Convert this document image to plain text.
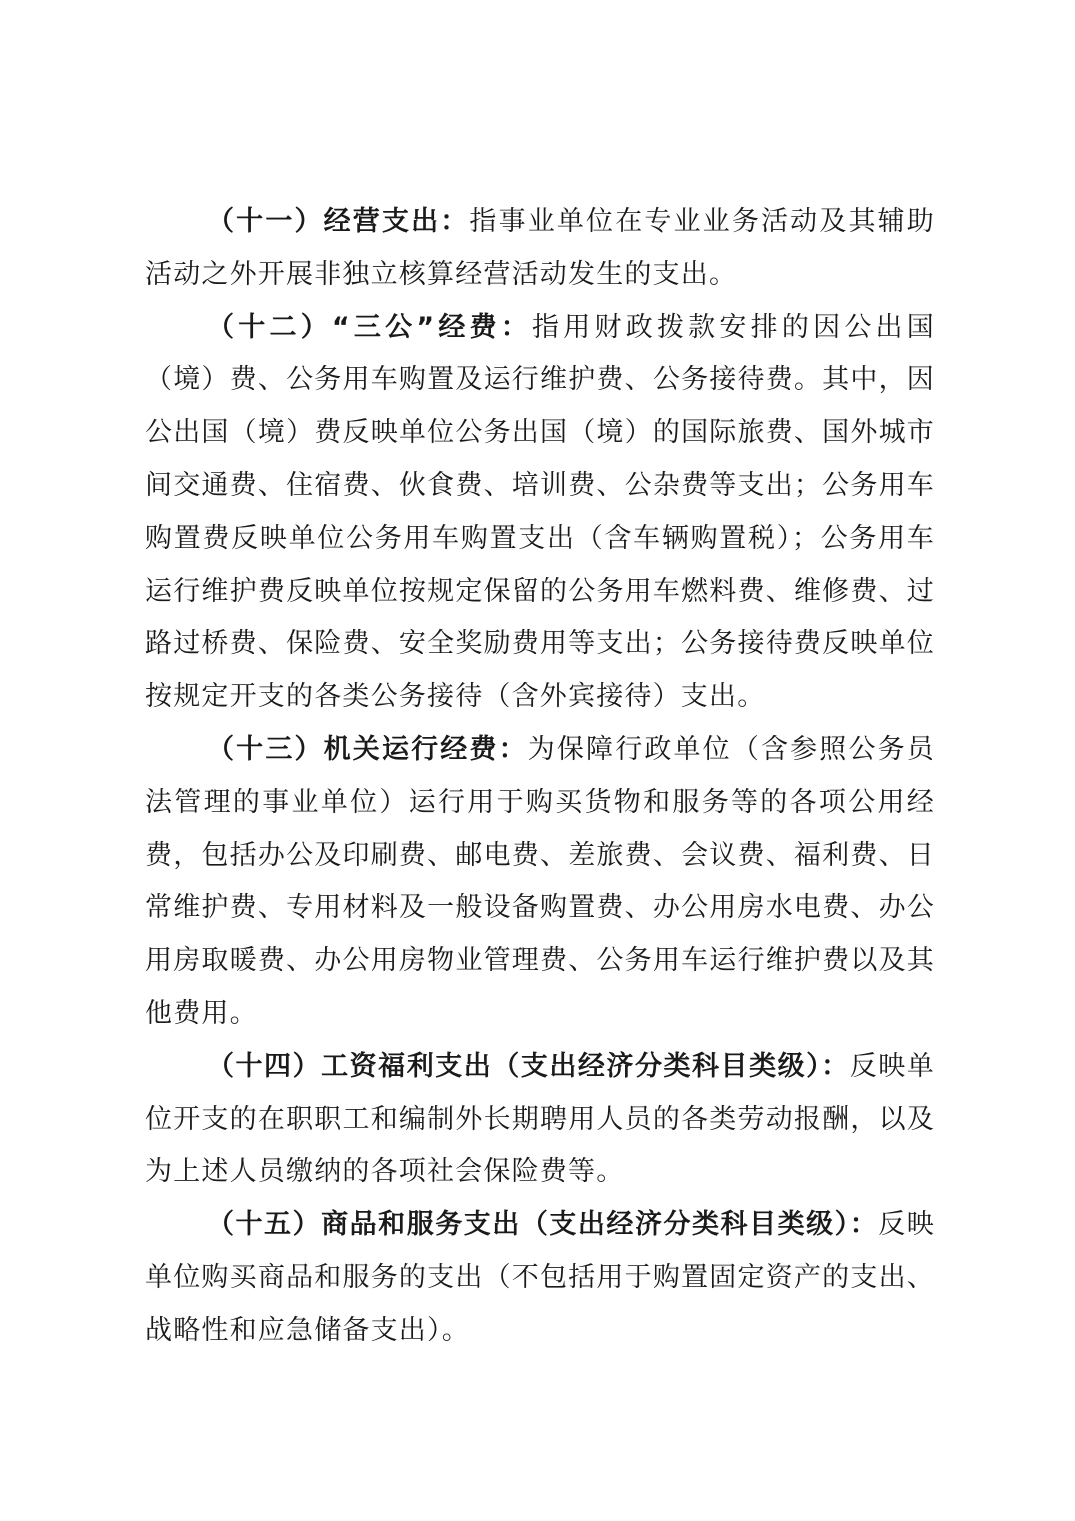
（十一）经营支出：指事业单位在专业业务活动及其辅助活动之外开展非独立核算经营活动发生的支出。

（十二）“三公”经费：指用财政拨款安排的因公出国（境）费、公务用车购置及运行维护费、公务接待费。其中，因公出国（境）费反映单位公务出国（境）的国际旅费、国外城市间交通费、住宿费、伙食费、培训费、公杂费等支出；公务用车购置费反映单位公务用车购置支出（含车辆购置税）；公务用车运行维护费反映单位按规定保留的公务用车燃料费、维修费、过路过桥费、保险费、安全奖励费用等支出；公务接待费反映单位按规定开支的各类公务接待（含外宾接待）支出。

（十三）机关运行经费：为保障行政单位（含参照公务员法管理的事业单位）运行用于购买货物和服务等的各项公用经费，包括办公及印刷费、邮电费、差旅费、会议费、福利费、日常维护费、专用材料及一般设备购置费、办公用房水电费、办公用房取暖费、办公用房物业管理费、公务用车运行维护费以及其他费用。

（十四）工资福利支出（支出经济分类科目类级）：反映单位开支的在职职工和编制外长期聘用人员的各类劳动报酬，以及为上述人员缴纳的各项社会保险费等。

（十五）商品和服务支出（支出经济分类科目类级）：反映单位购买商品和服务的支出（不包括用于购置固定资产的支出、战略性和应急储备支出）。
